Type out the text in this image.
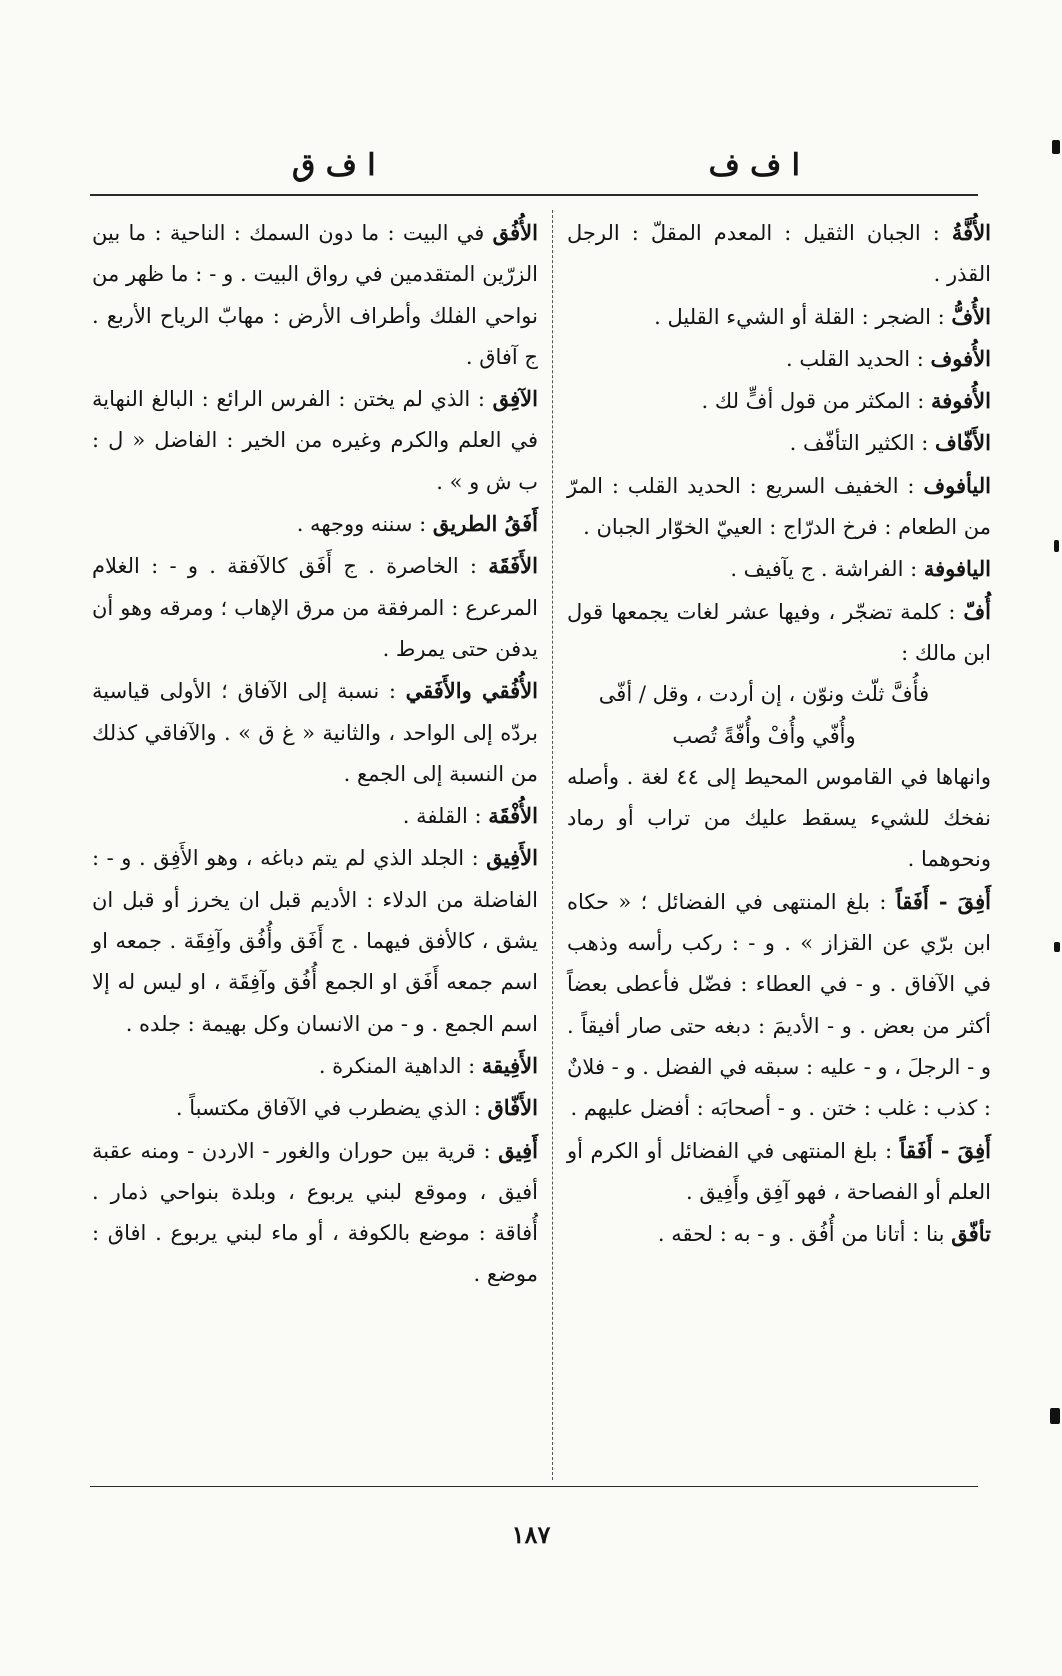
ا ف ف
ا ف ق

الأُفَّةُ : الجبان الثقيل : المعدم المقلّ : الرجل القذر .

الأُفُّ : الضجر : القلة أو الشيء القليل .

الأُفوف : الحديد القلب .

الأُفوفة : المكثر من قول أفٍّ لك .

الأَفّاف : الكثير التأفّف .

اليأفوف : الخفيف السريع : الحديد القلب : المرّ من الطعام : فرخ الدرّاج : العييّ الخوّار الجبان .

اليافوفة : الفراشة . ج يآفيف .

أُفّ : كلمة تضجّر ، وفيها عشر لغات يجمعها قول ابن مالك :

فأُفَّ ثلّث ونوّن ، إن أردت ، وقل / أفّى وأُفّي وأُفْ وأُفّةً تُصب

وانهاها في القاموس المحيط إلى ٤٤ لغة . وأصله نفخك للشيء يسقط عليك من تراب أو رماد ونحوهما .

أَفِقَ - أَفَقاً : بلغ المنتهى في الفضائل ؛ « حكاه ابن برّي عن القزاز » . و - : ركب رأسه وذهب في الآفاق . و - في العطاء : فضّل فأعطى بعضاً أكثر من بعض . و - الأديمَ : دبغه حتى صار أفيقاً . و - الرجلَ ، و - عليه : سبقه في الفضل . و - فلانٌ : كذب : غلب : ختن . و - أصحابَه : أفضل عليهم .

أَفِقَ - أَفَقاً : بلغ المنتهى في الفضائل أو الكرم أو العلم أو الفصاحة ، فهو آفِق وأَفِيق .

تأفّق بنا : أتانا من أُفُق . و - به : لحقه .

الأُفُق في البيت : ما دون السمك : الناحية : ما بين الزرّين المتقدمين في رواق البيت . و - : ما ظهر من نواحي الفلك وأطراف الأرض : مهابّ الرياح الأربع . ج آفاق .

الآفِق : الذي لم يختن : الفرس الرائع : البالغ النهاية في العلم والكرم وغيره من الخير : الفاضل « ل : ب ش و » .

أَفَقُ الطريق : سننه ووجهه .

الأَفَقَة : الخاصرة . ج أَفَق كالآفقة . و - : الغلام المرعرع : المرفقة من مرق الإهاب ؛ ومرقه وهو أن يدفن حتى يمرط .

الأُفُقي والأَفَقي : نسبة إلى الآفاق ؛ الأولى قياسية بردّه إلى الواحد ، والثانية « غ ق » . والآفاقي كذلك من النسبة إلى الجمع .

الأُفْقَة : القلفة .

الأَفِيق : الجلد الذي لم يتم دباغه ، وهو الأَفِق . و - : الفاضلة من الدلاء : الأديم قبل ان يخرز أو قبل ان يشق ، كالأفق فيهما . ج أَفَق وأُفُق وآفِقَة . جمعه او اسم جمعه أَفَق او الجمع أُفُق وآفِقَة ، او ليس له إلا اسم الجمع . و - من الانسان وكل بهيمة : جلده .

الأَفِيقة : الداهية المنكرة .

الأَفّاق : الذي يضطرب في الآفاق مكتسباً .

أَفِيق : قرية بين حوران والغور - الاردن - ومنه عقبة أفيق ، وموقع لبني يربوع ، وبلدة بنواحي ذمار . أُفاقة : موضع بالكوفة ، أو ماء لبني يربوع . افاق : موضع .

١٨٧
